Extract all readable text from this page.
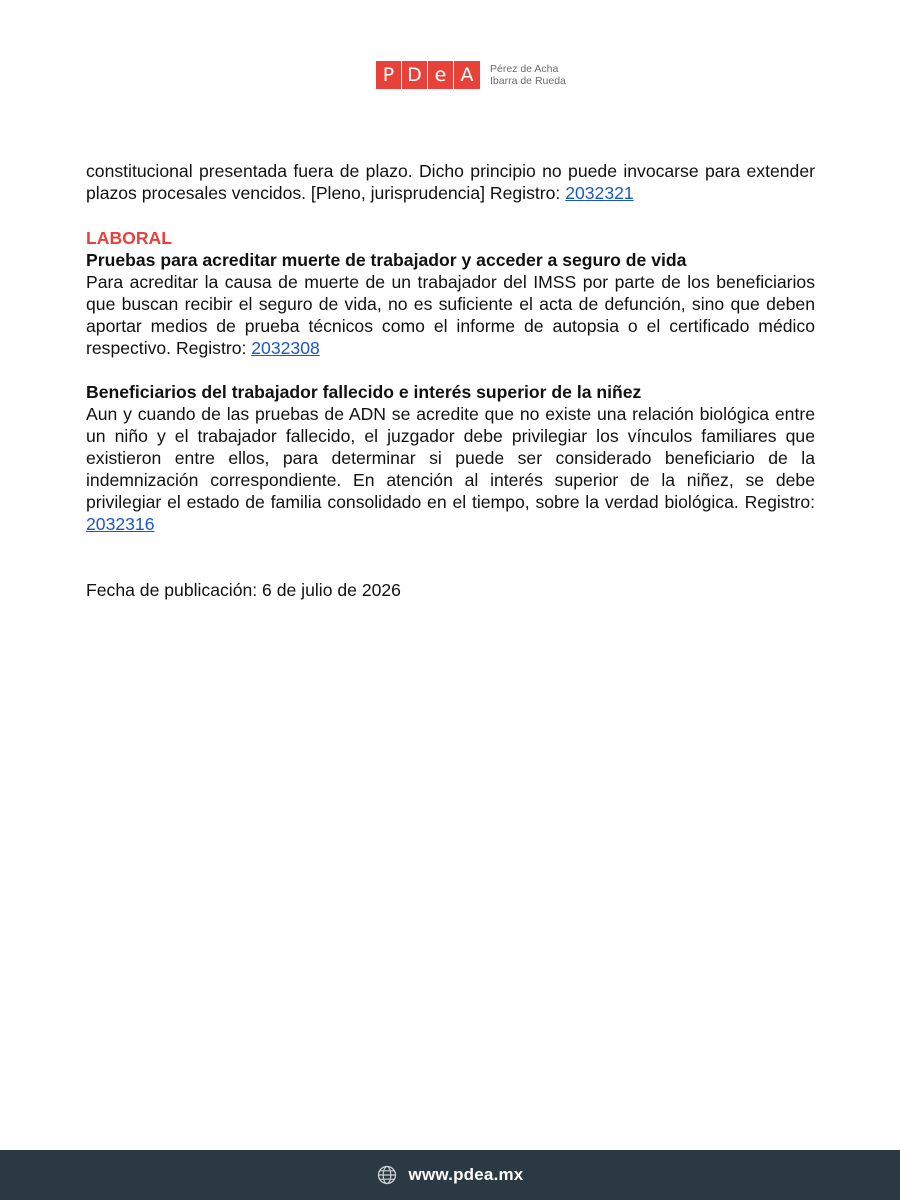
P D e A	Pérez de Acha
Ibarra de Rueda

constitucional presentada fuera de plazo. Dicho principio no puede invocarse para extender plazos procesales vencidos. [Pleno, jurisprudencia] Registro: 2032321

LABORAL

Pruebas para acreditar muerte de trabajador y acceder a seguro de vida

Para acreditar la causa de muerte de un trabajador del IMSS por parte de los beneficiarios que buscan recibir el seguro de vida, no es suficiente el acta de defunción, sino que deben aportar medios de prueba técnicos como el informe de autopsia o el certificado médico respectivo. Registro: 2032308

Beneficiarios del trabajador fallecido e interés superior de la niñez

Aun y cuando de las pruebas de ADN se acredite que no existe una relación biológica entre un niño y el trabajador fallecido, el juzgador debe privilegiar los vínculos familiares que existieron entre ellos, para determinar si puede ser considerado beneficiario de la indemnización correspondiente. En atención al interés superior de la niñez, se debe privilegiar el estado de familia consolidado en el tiempo, sobre la verdad biológica. Registro: 2032316

Fecha de publicación: 6 de julio de 2026

www.pdea.mx
